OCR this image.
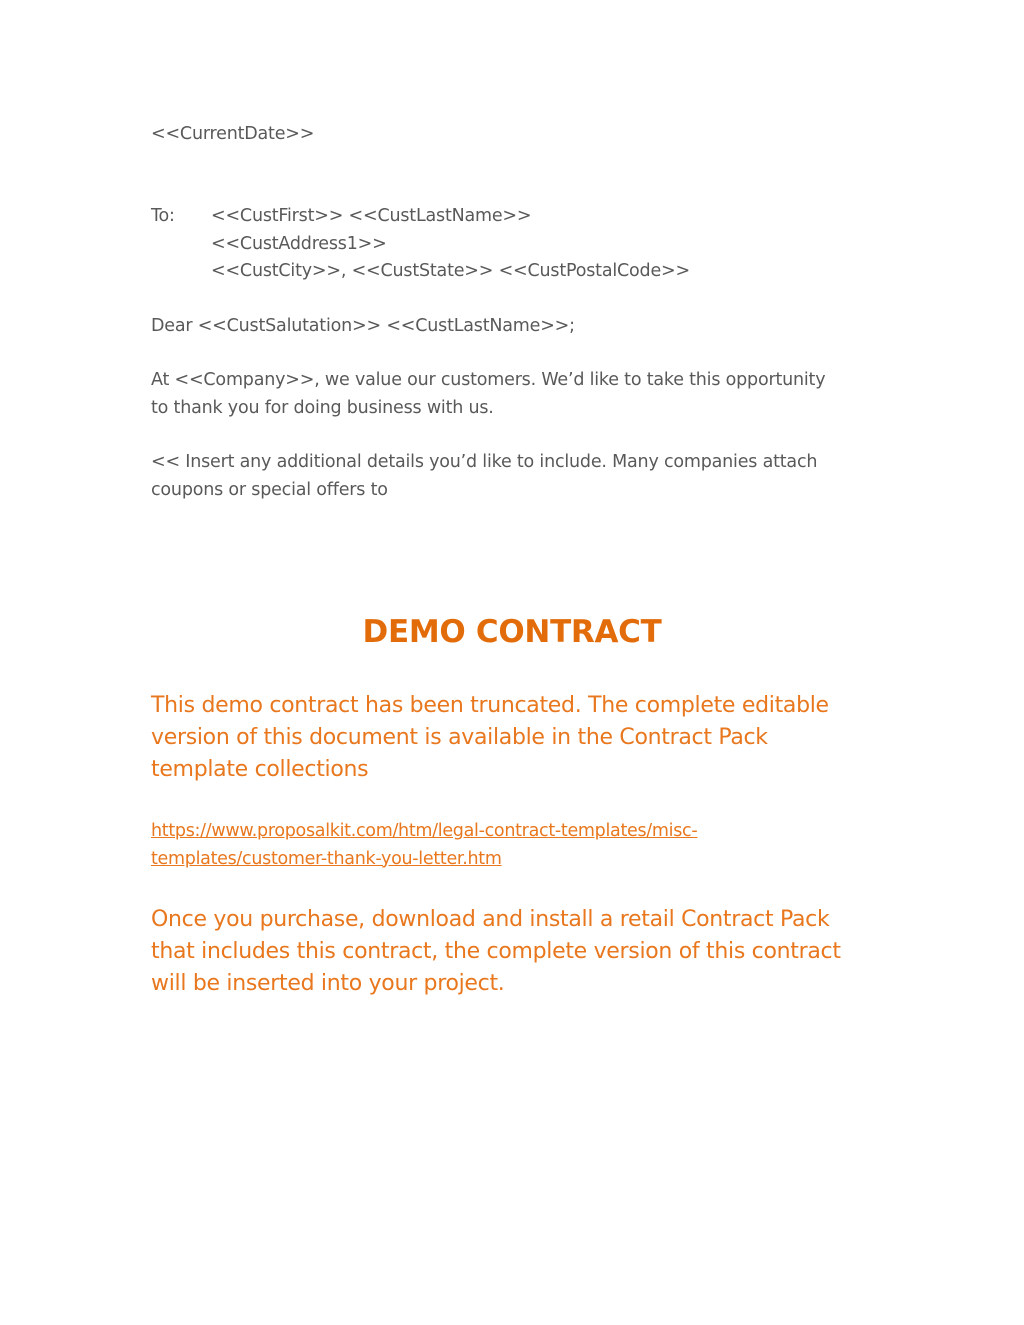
<<CurrentDate>>
To: <<CustFirst>> <<CustLastName>>
<<CustAddress1>>
<<CustCity>>, <<CustState>> <<CustPostalCode>>
Dear <<CustSalutation>> <<CustLastName>>;
At <<Company>>, we value our customers. We’d like to take this opportunity
to thank you for doing business with us.
<< Insert any additional details you’d like to include. Many companies attach
coupons or special offers to
DEMO CONTRACT
This demo contract has been truncated. The complete editable
version of this document is available in the Contract Pack
template collections
https://www.proposalkit.com/htm/legal-contract-templates/misc-
templates/customer-thank-you-letter.htm
Once you purchase, download and install a retail Contract Pack
that includes this contract, the complete version of this contract
will be inserted into your project.
